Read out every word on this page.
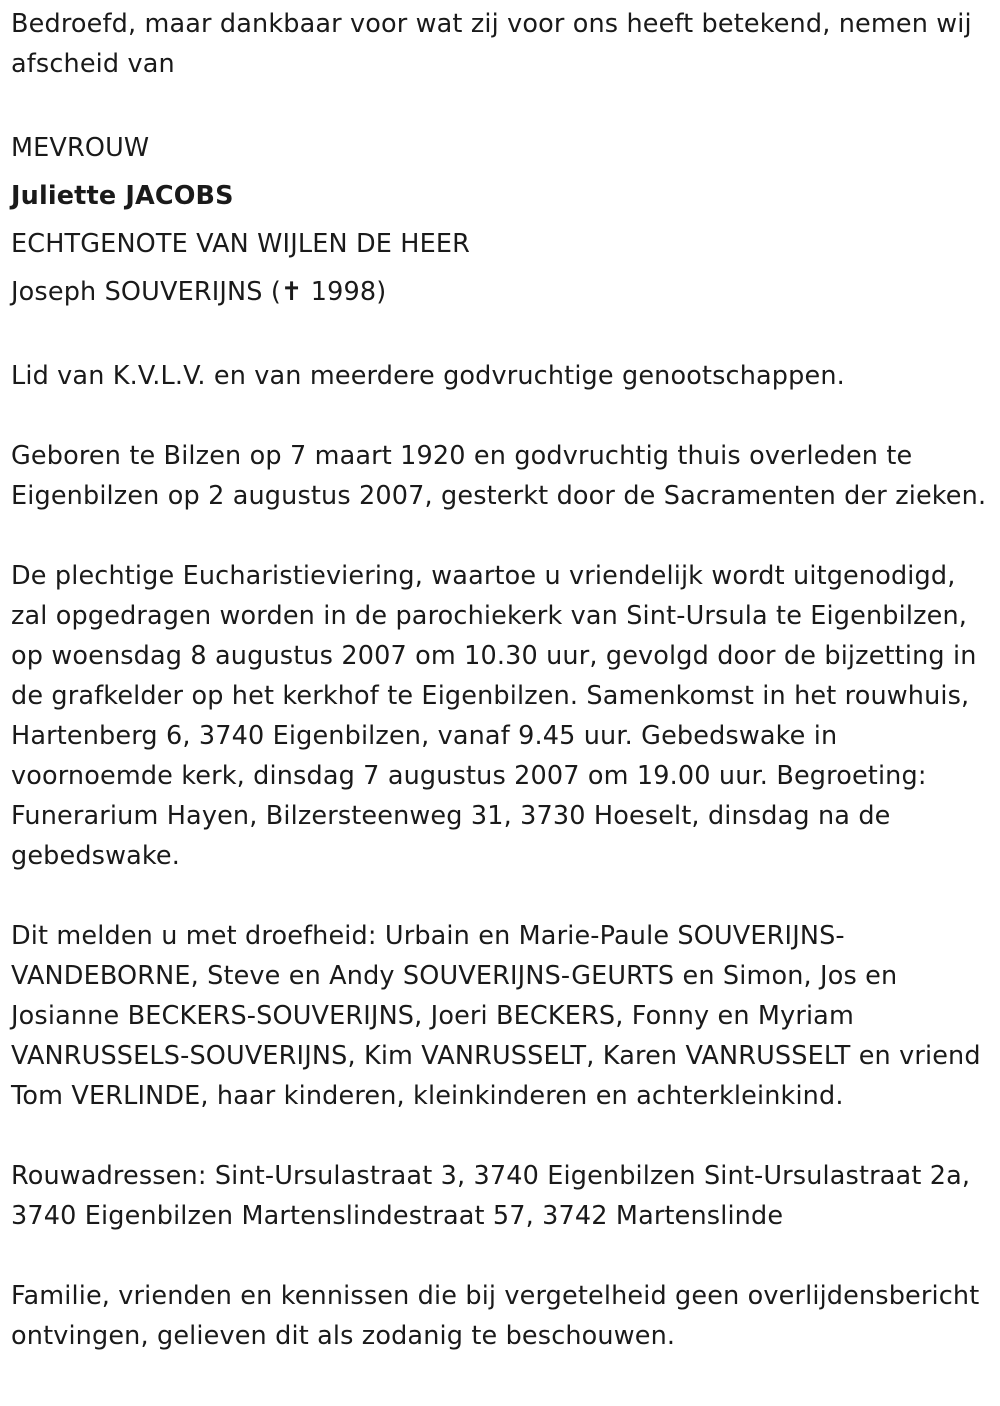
Bedroefd, maar dankbaar voor wat zij voor ons heeft betekend, nemen wij afscheid van

MEVROUW

Juliette JACOBS

ECHTGENOTE VAN WIJLEN DE HEER

Joseph SOUVERIJNS (✝ 1998)

Lid van K.V.L.V. en van meerdere godvruchtige genootschappen.

Geboren te Bilzen op 7 maart 1920 en godvruchtig thuis overleden te Eigenbilzen op 2 augustus 2007, gesterkt door de Sacramenten der zieken.

De plechtige Eucharistieviering, waartoe u vriendelijk wordt uitgenodigd, zal opgedragen worden in de parochiekerk van Sint-Ursula te Eigenbilzen, op woensdag 8 augustus 2007 om 10.30 uur, gevolgd door de bijzetting in de grafkelder op het kerkhof te Eigenbilzen. Samenkomst in het rouwhuis, Hartenberg 6, 3740 Eigenbilzen, vanaf 9.45 uur. Gebedswake in voornoemde kerk, dinsdag 7 augustus 2007 om 19.00 uur. Begroeting: Funerarium Hayen, Bilzersteenweg 31, 3730 Hoeselt, dinsdag na de gebedswake.

Dit melden u met droefheid: Urbain en Marie-Paule SOUVERIJNS-VANDEBORNE, Steve en Andy SOUVERIJNS-GEURTS en Simon, Jos en Josianne BECKERS-SOUVERIJNS, Joeri BECKERS, Fonny en Myriam VANRUSSELS-SOUVERIJNS, Kim VANRUSSELT, Karen VANRUSSELT en vriend Tom VERLINDE, haar kinderen, kleinkinderen en achterkleinkind.

Rouwadressen: Sint-Ursulastraat 3, 3740 Eigenbilzen Sint-Ursulastraat 2a, 3740 Eigenbilzen Martenslindestraat 57, 3742 Martenslinde

Familie, vrienden en kennissen die bij vergetelheid geen overlijdensbericht ontvingen, gelieven dit als zodanig te beschouwen.
